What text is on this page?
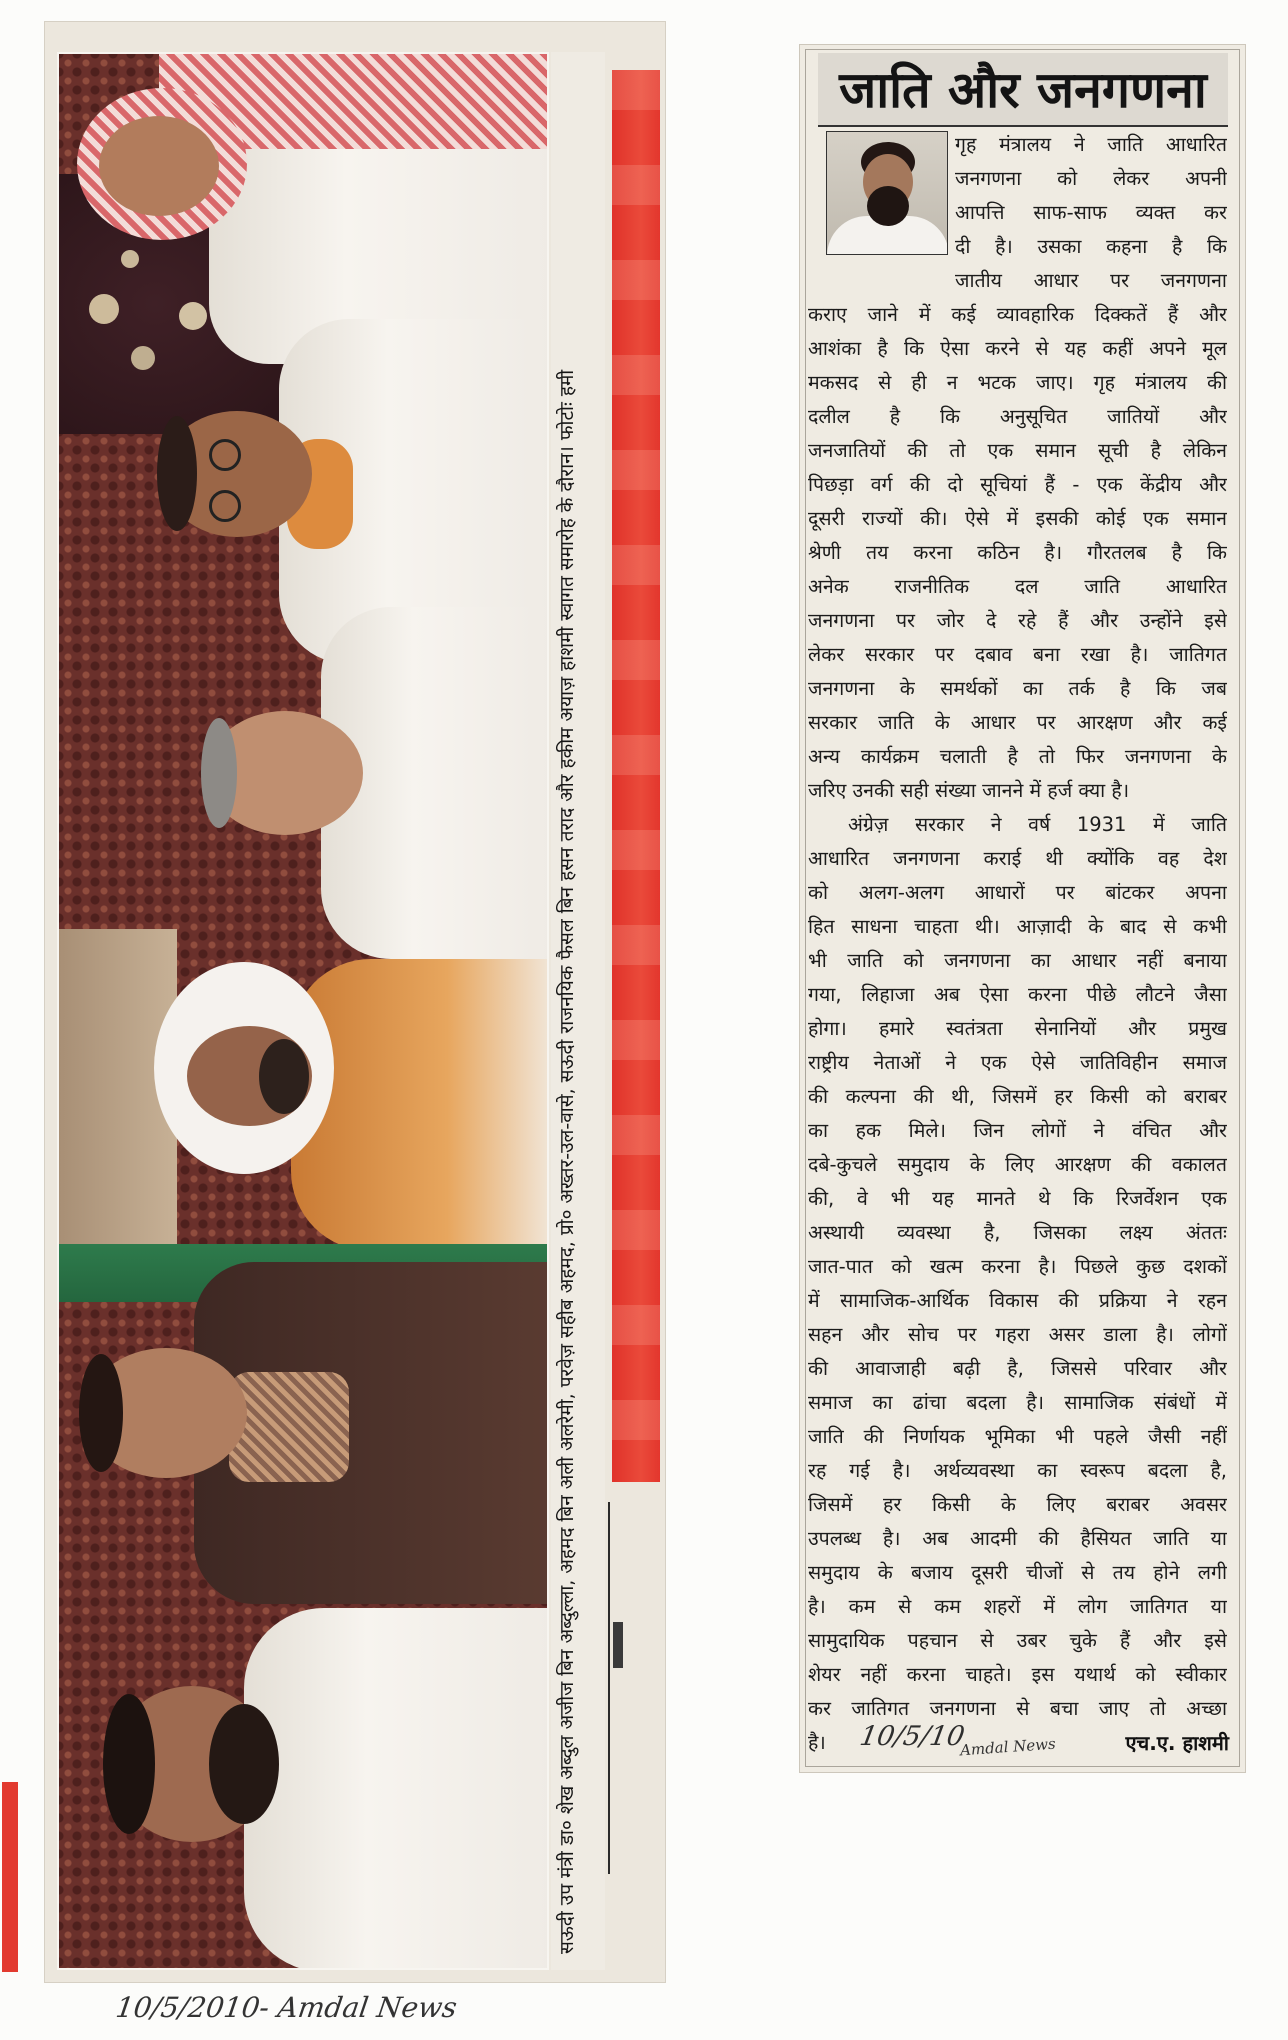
सऊदी उप मंत्री डा० शेख अब्दुल अजीज बिन अब्दुल्ला, अहमद बिन अली अलरेमी, परवेज़ सहीब अहमद, प्रो० अख्तर-उल-वासे, सऊदी राजनयिक फैसल बिन हसन तराद और हकीम अयाज़ हाशमी स्वागत समारोह के दौरान। फोटोः हमी
10/5/2010- Amdal News
जाति और जनगणना
गृह मंत्रालय ने जाति आधारित
जनगणना को लेकर अपनी
आपत्ति साफ-साफ व्यक्त कर
दी है। उसका कहना है कि
जातीय आधार पर जनगणना
कराए जाने में कई व्यावहारिक दिक्कतें हैं और
आशंका है कि ऐसा करने से यह कहीं अपने मूल
मकसद से ही न भटक जाए। गृह मंत्रालय की
दलील है कि अनुसूचित जातियों और
जनजातियों की तो एक समान सूची है लेकिन
पिछड़ा वर्ग की दो सूचियां हैं - एक केंद्रीय और
दूसरी राज्यों की। ऐसे में इसकी कोई एक समान
श्रेणी तय करना कठिन है। गौरतलब है कि
अनेक राजनीतिक दल जाति आधारित
जनगणना पर जोर दे रहे हैं और उन्होंने इसे
लेकर सरकार पर दबाव बना रखा है। जातिगत
जनगणना के समर्थकों का तर्क है कि जब
सरकार जाति के आधार पर आरक्षण और कई
अन्य कार्यक्रम चलाती है तो फिर जनगणना के
जरिए उनकी सही संख्या जानने में हर्ज क्या है।
अंग्रेज़ सरकार ने वर्ष 1931 में जाति
आधारित जनगणना कराई थी क्योंकि वह देश
को अलग-अलग आधारों पर बांटकर अपना
हित साधना चाहता थी। आज़ादी के बाद से कभी
भी जाति को जनगणना का आधार नहीं बनाया
गया, लिहाजा अब ऐसा करना पीछे लौटने जैसा
होगा। हमारे स्वतंत्रता सेनानियों और प्रमुख
राष्ट्रीय नेताओं ने एक ऐसे जातिविहीन समाज
की कल्पना की थी, जिसमें हर किसी को बराबर
का हक मिले। जिन लोगों ने वंचित और
दबे-कुचले समुदाय के लिए आरक्षण की वकालत
की, वे भी यह मानते थे कि रिजर्वेशन एक
अस्थायी व्यवस्था है, जिसका लक्ष्य अंततः
जात-पात को खत्म करना है। पिछले कुछ दशकों
में सामाजिक-आर्थिक विकास की प्रक्रिया ने रहन
सहन और सोच पर गहरा असर डाला है। लोगों
की आवाजाही बढ़ी है, जिससे परिवार और
समाज का ढांचा बदला है। सामाजिक संबंधों में
जाति की निर्णायक भूमिका भी पहले जैसी नहीं
रह गई है। अर्थव्यवस्था का स्वरूप बदला है,
जिसमें हर किसी के लिए बराबर अवसर
उपलब्ध है। अब आदमी की हैसियत जाति या
समुदाय के बजाय दूसरी चीजों से तय होने लगी
है। कम से कम शहरों में लोग जातिगत या
सामुदायिक पहचान से उबर चुके हैं और इसे
शेयर नहीं करना चाहते। इस यथार्थ को स्वीकार
कर जातिगत जनगणना से बचा जाए तो अच्छा
है।	10/5/10
Amdal News	एच.ए. हाशमी
